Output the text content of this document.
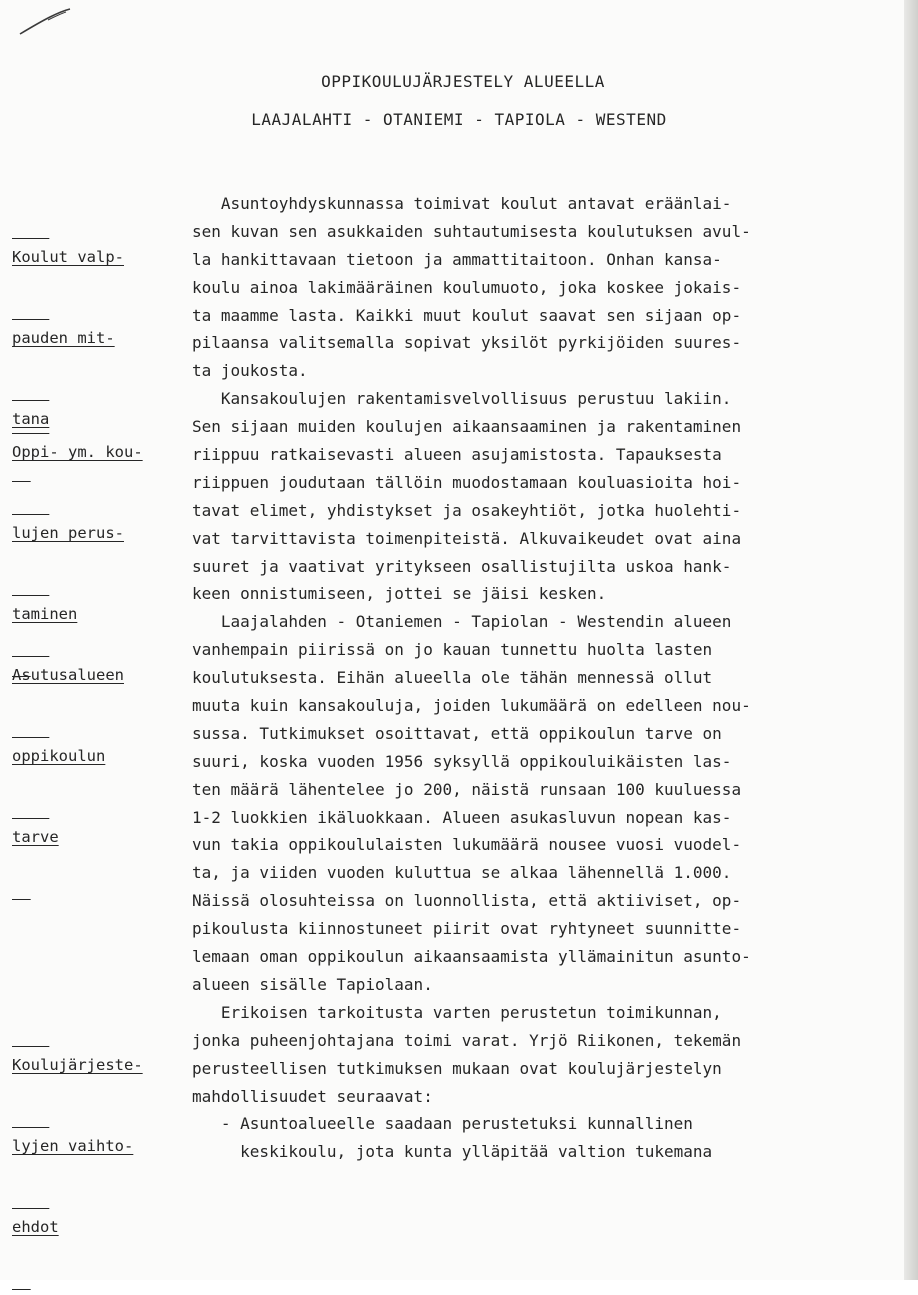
OPPIKOULUJÄRJESTELY ALUEELLA
LAAJALAHTI - OTANIEMI - TAPIOLA - WESTEND

Koulut valp-

pauden mit-

tana

Oppi- ym. kou-

lujen perus-

taminen

Asutusalueen

oppikoulun

tarve

Koulujärjeste-

lyjen vaihto-

ehdot

Asuntoyhdyskunnassa toimivat koulut antavat eräänlai-
sen kuvan sen asukkaiden suhtautumisesta koulutuksen avul-
la hankittavaan tietoon ja ammattitaitoon. Onhan kansa-
koulu ainoa lakimääräinen koulumuoto, joka koskee jokais-
ta maamme lasta. Kaikki muut koulut saavat sen sijaan op-
pilaansa valitsemalla sopivat yksilöt pyrkijöiden suures-
ta joukosta.
Kansakoulujen rakentamisvelvollisuus perustuu lakiin.
Sen sijaan muiden koulujen aikaansaaminen ja rakentaminen
riippuu ratkaisevasti alueen asujamistosta. Tapauksesta
riippuen joudutaan tällöin muodostamaan kouluasioita hoi-
tavat elimet, yhdistykset ja osakeyhtiöt, jotka huolehti-
vat tarvittavista toimenpiteistä. Alkuvaikeudet ovat aina
suuret ja vaativat yritykseen osallistujilta uskoa hank-
keen onnistumiseen, jottei se jäisi kesken.
Laajalahden - Otaniemen - Tapiolan - Westendin alueen
vanhempain piirissä on jo kauan tunnettu huolta lasten
koulutuksesta. Eihän alueella ole tähän mennessä ollut
muuta kuin kansakouluja, joiden lukumäärä on edelleen nou-
sussa. Tutkimukset osoittavat, että oppikoulun tarve on
suuri, koska vuoden 1956 syksyllä oppikouluikäisten las-
ten määrä lähentelee jo 200, näistä runsaan 100 kuuluessa
1-2 luokkien ikäluokkaan. Alueen asukasluvun nopean kas-
vun takia oppikoululaisten lukumäärä nousee vuosi vuodel-
ta, ja viiden vuoden kuluttua se alkaa lähennellä 1.000.
Näissä olosuhteissa on luonnollista, että aktiiviset, op-
pikoulusta kiinnostuneet piirit ovat ryhtyneet suunnitte-
lemaan oman oppikoulun aikaansaamista yllämainitun asunto-
alueen sisälle Tapiolaan.
Erikoisen tarkoitusta varten perustetun toimikunnan,
jonka puheenjohtajana toimi varat. Yrjö Riikonen, tekemän
perusteellisen tutkimuksen mukaan ovat koulujärjestelyn
mahdollisuudet seuraavat:
- Asuntoalueelle saadaan perustetuksi kunnallinen
keskikoulu, jota kunta ylläpitää valtion tukemana
